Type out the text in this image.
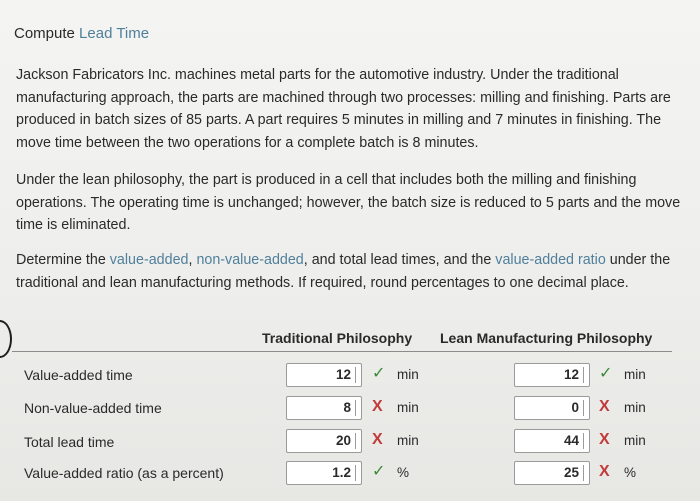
Compute Lead Time

Jackson Fabricators Inc. machines metal parts for the automotive industry. Under the traditional manufacturing approach, the parts are machined through two processes: milling and finishing. Parts are produced in batch sizes of 85 parts. A part requires 5 minutes in milling and 7 minutes in finishing. The move time between the two operations for a complete batch is 8 minutes.

Under the lean philosophy, the part is produced in a cell that includes both the milling and finishing operations. The operating time is unchanged; however, the batch size is reduced to 5 parts and the move time is eliminated.

Determine the value-added, non-value-added, and total lead times, and the value-added ratio under the traditional and lean manufacturing methods. If required, round percentages to one decimal place.

Traditional Philosophy Lean Manufacturing Philosophy
Value-added time	12	✓ min	12	✓ min
Non-value-added time	8	X min	0	X min
Total lead time	20	X min	44	X min
Value-added ratio (as a percent)	1.2	✓ %	25	X %
